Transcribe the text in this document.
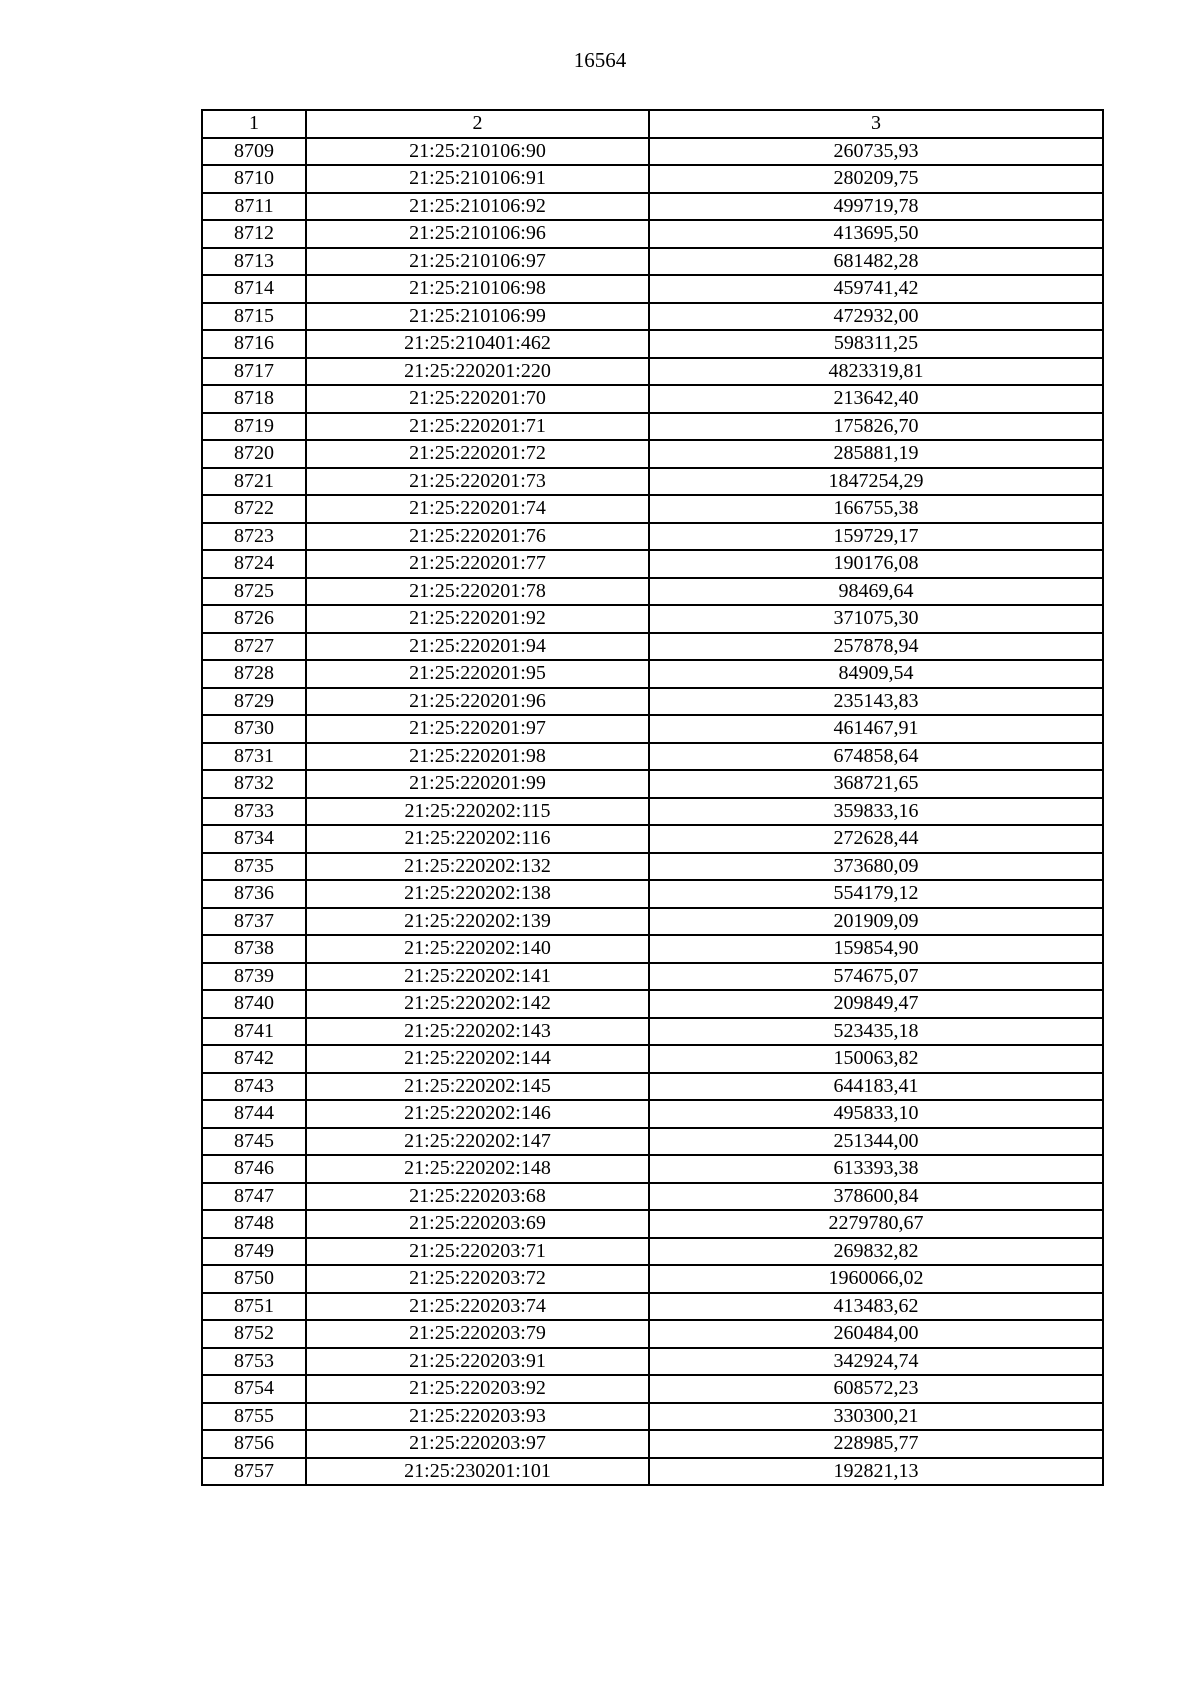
16564
1	2	3
8709	21:25:210106:90	260735,93
8710	21:25:210106:91	280209,75
8711	21:25:210106:92	499719,78
8712	21:25:210106:96	413695,50
8713	21:25:210106:97	681482,28
8714	21:25:210106:98	459741,42
8715	21:25:210106:99	472932,00
8716	21:25:210401:462	598311,25
8717	21:25:220201:220	4823319,81
8718	21:25:220201:70	213642,40
8719	21:25:220201:71	175826,70
8720	21:25:220201:72	285881,19
8721	21:25:220201:73	1847254,29
8722	21:25:220201:74	166755,38
8723	21:25:220201:76	159729,17
8724	21:25:220201:77	190176,08
8725	21:25:220201:78	98469,64
8726	21:25:220201:92	371075,30
8727	21:25:220201:94	257878,94
8728	21:25:220201:95	84909,54
8729	21:25:220201:96	235143,83
8730	21:25:220201:97	461467,91
8731	21:25:220201:98	674858,64
8732	21:25:220201:99	368721,65
8733	21:25:220202:115	359833,16
8734	21:25:220202:116	272628,44
8735	21:25:220202:132	373680,09
8736	21:25:220202:138	554179,12
8737	21:25:220202:139	201909,09
8738	21:25:220202:140	159854,90
8739	21:25:220202:141	574675,07
8740	21:25:220202:142	209849,47
8741	21:25:220202:143	523435,18
8742	21:25:220202:144	150063,82
8743	21:25:220202:145	644183,41
8744	21:25:220202:146	495833,10
8745	21:25:220202:147	251344,00
8746	21:25:220202:148	613393,38
8747	21:25:220203:68	378600,84
8748	21:25:220203:69	2279780,67
8749	21:25:220203:71	269832,82
8750	21:25:220203:72	1960066,02
8751	21:25:220203:74	413483,62
8752	21:25:220203:79	260484,00
8753	21:25:220203:91	342924,74
8754	21:25:220203:92	608572,23
8755	21:25:220203:93	330300,21
8756	21:25:220203:97	228985,77
8757	21:25:230201:101	192821,13
